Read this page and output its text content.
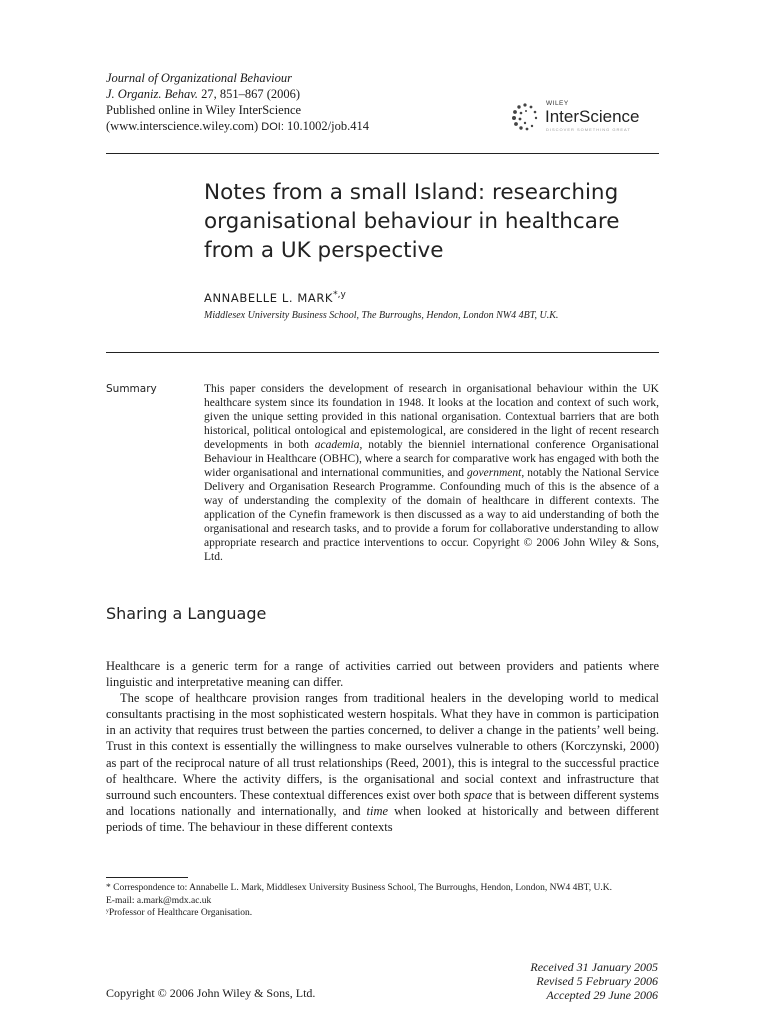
Journal of Organizational Behaviour
J. Organiz. Behav. 27, 851–867 (2006)
Published online in Wiley InterScience
(www.interscience.wiley.com) DOI: 10.1002/job.414
WILEY
InterScience
DISCOVER SOMETHING GREAT
Notes from a small Island: researching organisational behaviour in healthcare from a UK perspective
ANNABELLE L. $MARK^{*,y}$
Middlesex University Business School, The Burroughs, Hendon, London NW4 4BT, U.K.
Summary	This paper considers the development of research in organisational behaviour within the UK healthcare system since its foundation in 1948. It looks at the location and context of such work, given the unique setting provided in this national organisation. Contextual barriers that are both historical, political ontological and epistemological, are considered in the light of recent research developments in both academia, notably the bienniel international conference Organisational Behaviour in Healthcare (OBHC), where a search for comparative work has engaged with both the wider organisational and international communities, and government, notably the National Service Delivery and Organisation Research Programme. Confounding much of this is the absence of a way of understanding the complexity of the domain of healthcare in different contexts. The application of the Cynefin framework is then discussed as a way to aid understanding of both the organisational and research tasks, and to provide a forum for collaborative understanding to allow appropriate research and practice interventions to occur. Copyright © 2006 John Wiley & Sons, Ltd.

Sharing a Language

Healthcare is a generic term for a range of activities carried out between providers and patients where linguistic and interpretative meaning can differ.

The scope of healthcare provision ranges from traditional healers in the developing world to medical consultants practising in the most sophisticated western hospitals. What they have in common is participation in an activity that requires trust between the parties concerned, to deliver a change in the patients’ well being. Trust in this context is essentially the willingness to make ourselves vulnerable to others (Korczynski, 2000) as part of the reciprocal nature of all trust relationships (Reed, 2001), this is integral to the successful practice of healthcare. Where the activity differs, is the organisational and social context and infrastructure that surround such encounters. These contextual differences exist over both space that is between different systems and locations nationally and internationally, and time when looked at historically and between different periods of time. The behaviour in these different contexts

* Correspondence to: Annabelle L. Mark, Middlesex University Business School, The Burroughs, Hendon, London, NW4 4BT, U.K.
E-mail: a.mark@mdx.ac.uk
ʸProfessor of Healthcare Organisation.
Received 31 January 2005
Revised 5 February 2006
Accepted 29 June 2006
Copyright © 2006 John Wiley & Sons, Ltd.
